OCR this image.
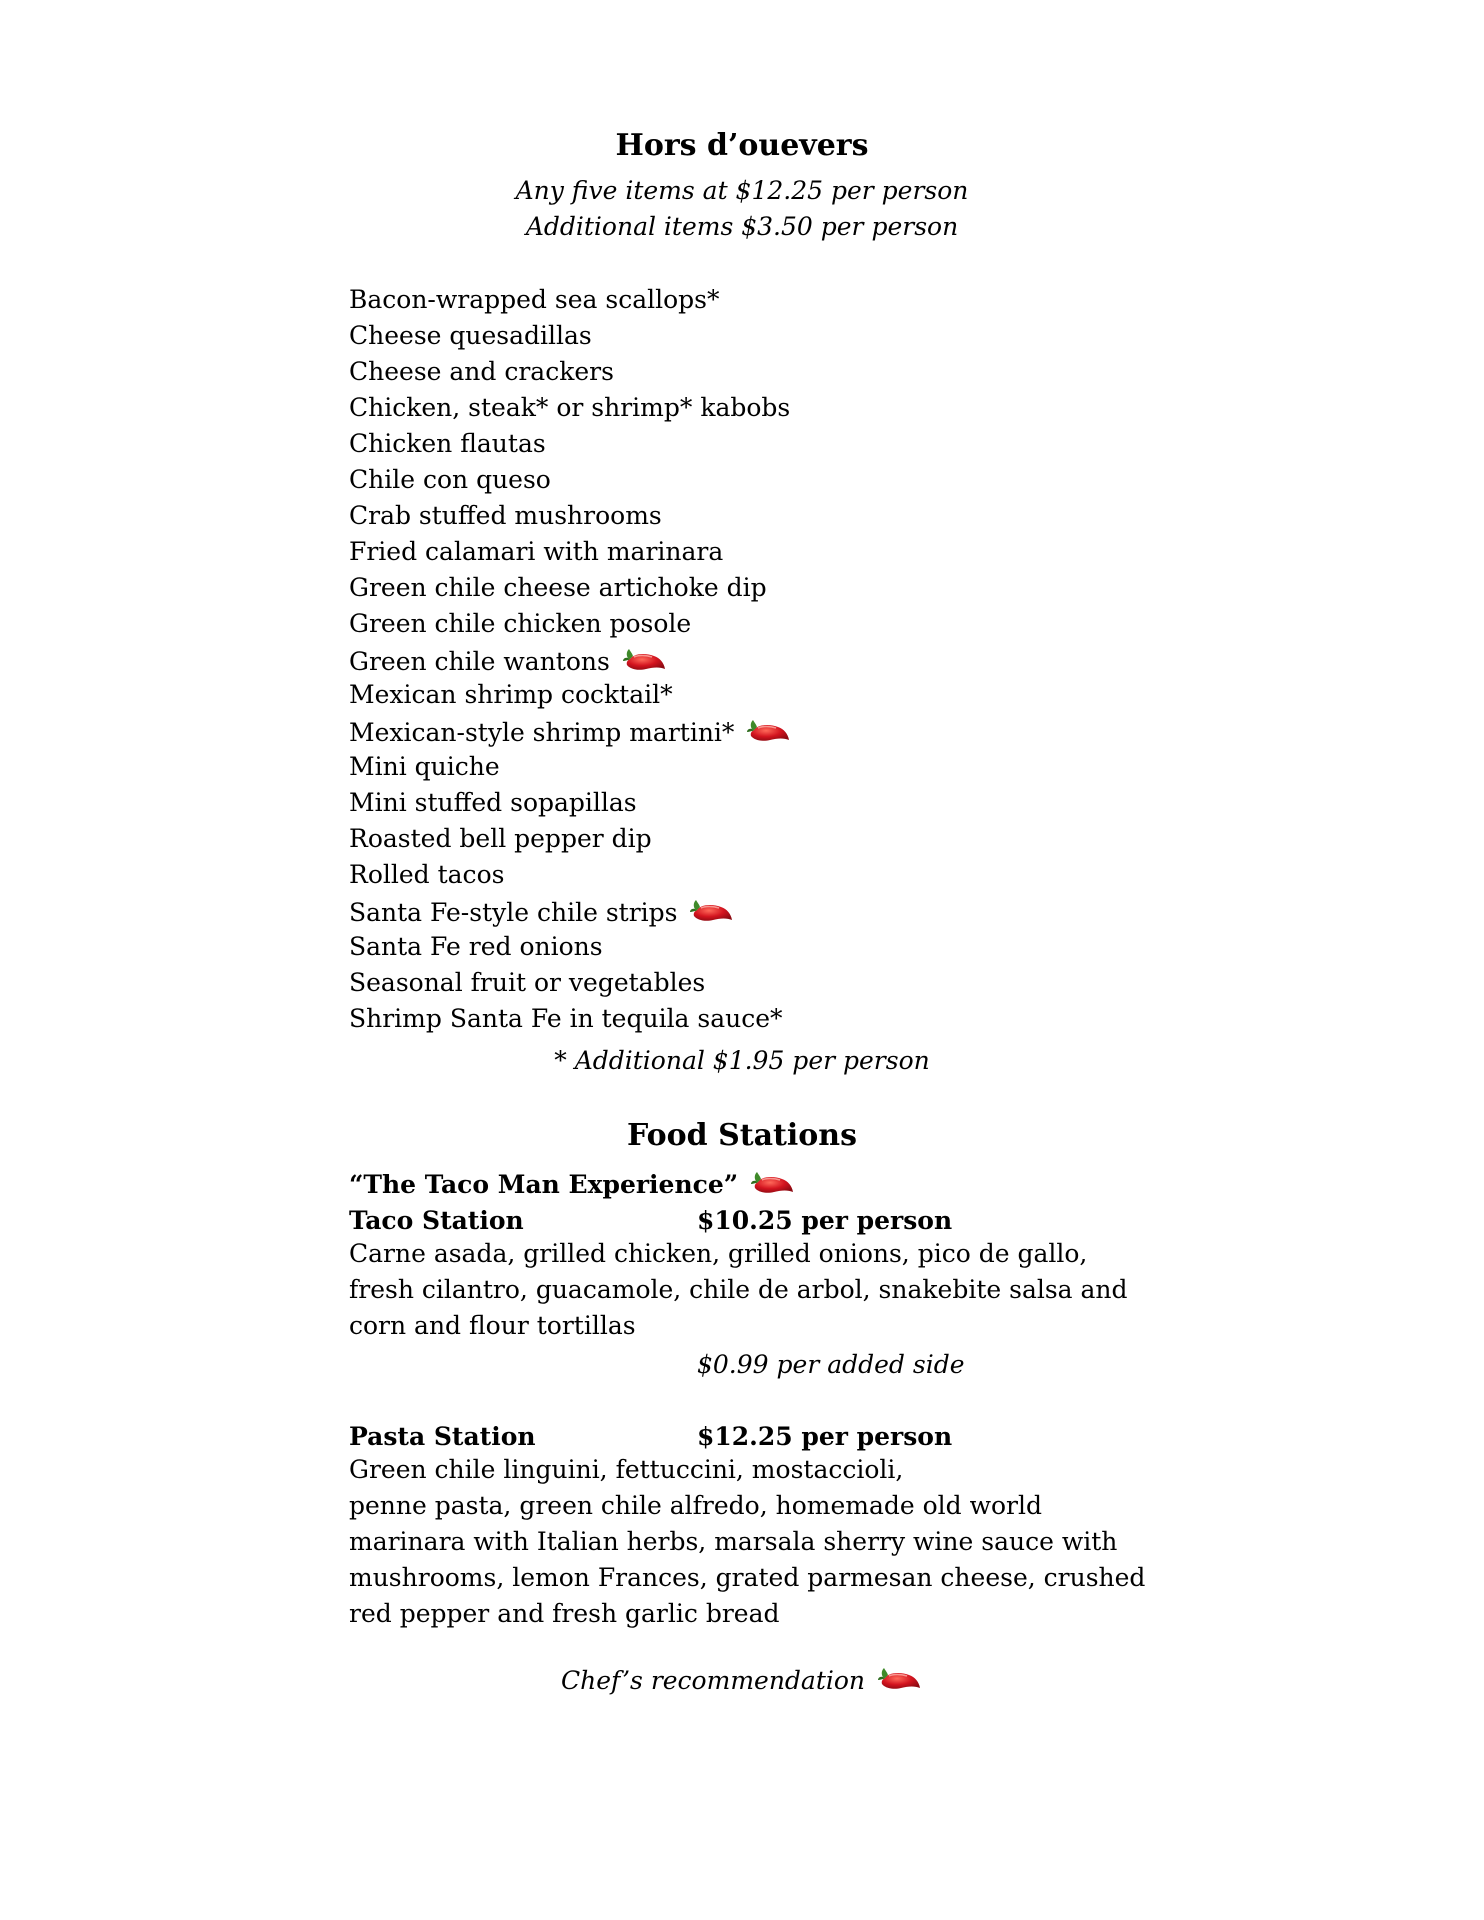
Hors d’ouevers
Any five items at $12.25 per person
Additional items $3.50 per person
Bacon-wrapped sea scallops*
Cheese quesadillas
Cheese and crackers
Chicken, steak* or shrimp* kabobs
Chicken flautas
Chile con queso
Crab stuffed mushrooms
Fried calamari with marinara
Green chile cheese artichoke dip
Green chile chicken posole
Green chile wantons
Mexican shrimp cocktail*
Mexican-style shrimp martini*
Mini quiche
Mini stuffed sopapillas
Roasted bell pepper dip
Rolled tacos
Santa Fe-style chile strips
Santa Fe red onions
Seasonal fruit or vegetables
Shrimp Santa Fe in tequila sauce*
* Additional $1.95 per person
Food Stations
“The Taco Man Experience”
Taco Station	$10.25 per person
Carne asada, grilled chicken, grilled onions, pico de gallo, fresh cilantro, guacamole, chile de arbol, snakebite salsa and corn and flour tortillas
$0.99 per added side
Pasta Station	$12.25 per person
Green chile linguini, fettuccini, mostaccioli,
penne pasta, green chile alfredo, homemade old world marinara with Italian herbs, marsala sherry wine sauce with mushrooms, lemon Frances, grated parmesan cheese, crushed red pepper and fresh garlic bread
Chef’s recommendation
